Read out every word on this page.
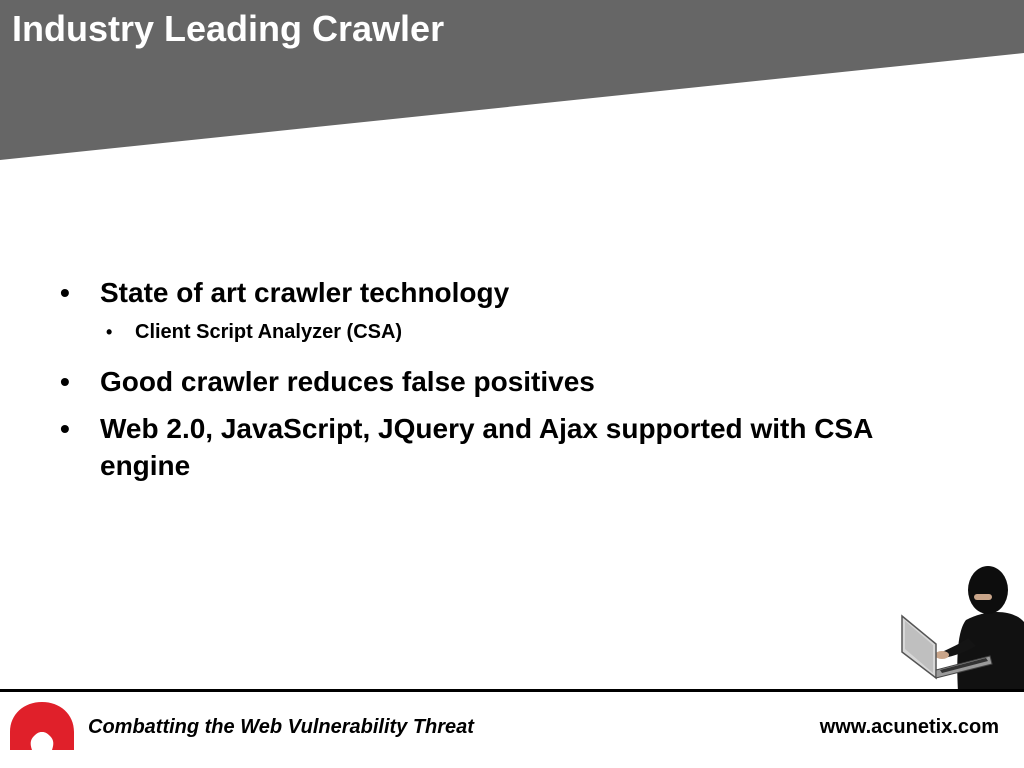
Industry Leading Crawler
• State of art crawler technology
• Client Script Analyzer (CSA)
• Good crawler reduces false positives
• Web 2.0, JavaScript, JQuery and Ajax supported with CSA engine
Combatting the Web Vulnerability Threat	www.acunetix.com
